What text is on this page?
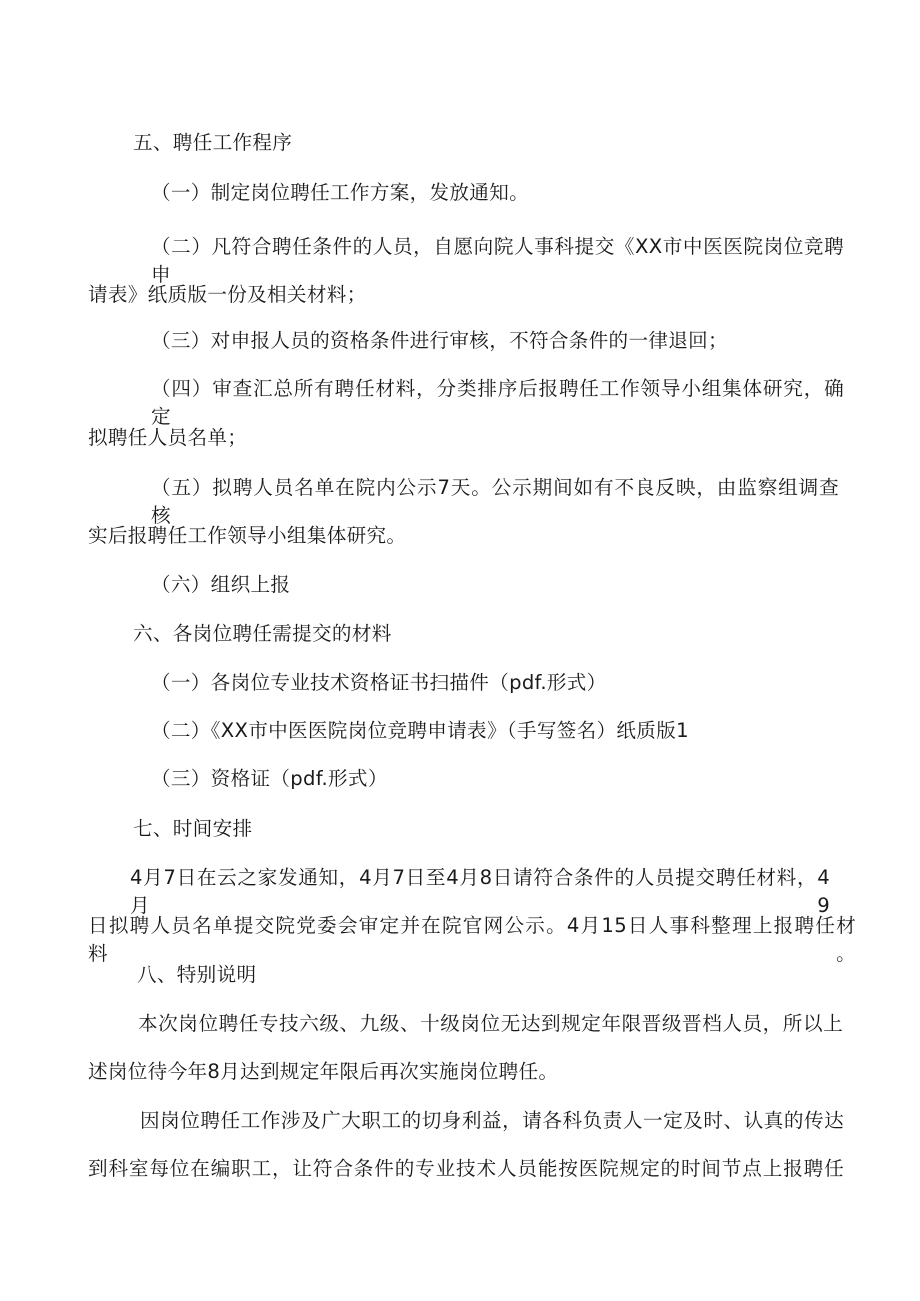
五、聘任工作程序
（一）制定岗位聘任工作方案，发放通知。
（二）凡符合聘任条件的人员，自愿向院人事科提交《XX市中医医院岗位竞聘申
请表》纸质版一份及相关材料；
（三）对申报人员的资格条件进行审核，不符合条件的一律退回；
（四）审查汇总所有聘任材料，分类排序后报聘任工作领导小组集体研究，确定
拟聘任人员名单；
（五）拟聘人员名单在院内公示7天。公示期间如有不良反映，由监察组调查核
实后报聘任工作领导小组集体研究。
（六）组织上报
六、各岗位聘任需提交的材料
（一）各岗位专业技术资格证书扫描件（pdf.形式）
（二）《XX市中医医院岗位竞聘申请表》（手写签名）纸质版1
（三）资格证（pdf.形式）
七、时间安排
4月7日在云之家发通知，4月7日至4月8日请符合条件的人员提交聘任材料，4月9
日拟聘人员名单提交院党委会审定并在院官网公示。4月15日人事科整理上报聘任材料。
八、特别说明
本次岗位聘任专技六级、九级、十级岗位无达到规定年限晋级晋档人员，所以上
述岗位待今年8月达到规定年限后再次实施岗位聘任。
因岗位聘任工作涉及广大职工的切身利益，请各科负责人一定及时、认真的传达
到科室每位在编职工，让符合条件的专业技术人员能按医院规定的时间节点上报聘任
